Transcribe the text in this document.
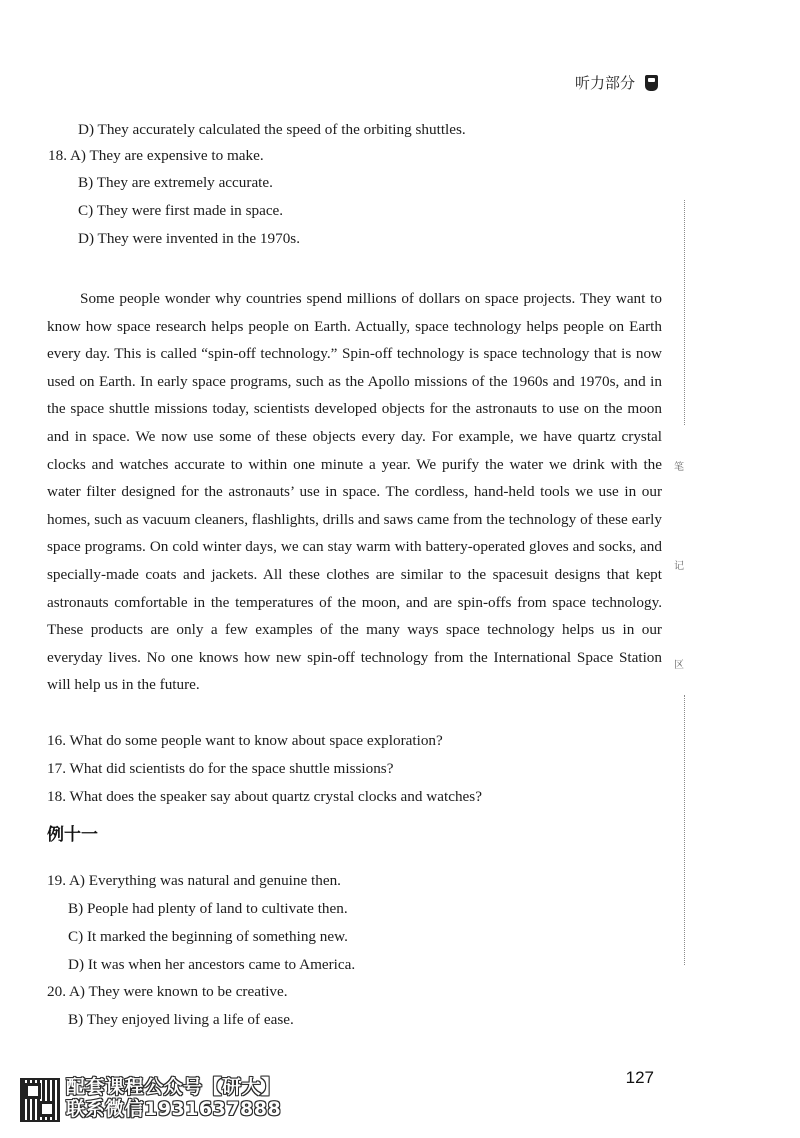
听力部分
D) They accurately calculated the speed of the orbiting shuttles.
18. A) They are expensive to make.
B) They are extremely accurate.
C) They were first made in space.
D) They were invented in the 1970s.
Some people wonder why countries spend millions of dollars on space projects. They want to know how space research helps people on Earth. Actually, space technology helps people on Earth every day. This is called “spin-off technology.” Spin-off technology is space technology that is now used on Earth. In early space programs, such as the Apollo missions of the 1960s and 1970s, and in the space shuttle missions today, scientists developed objects for the astronauts to use on the moon and in space. We now use some of these objects every day. For example, we have quartz crystal clocks and watches accurate to within one minute a year. We purify the water we drink with the water filter designed for the astronauts’ use in space. The cordless, hand-held tools we use in our homes, such as vacuum cleaners, flashlights, drills and saws came from the technology of these early space programs. On cold winter days, we can stay warm with battery-operated gloves and socks, and specially-made coats and jackets. All these clothes are similar to the spacesuit designs that kept astronauts comfortable in the temperatures of the moon, and are spin-offs from space technology. These products are only a few examples of the many ways space technology helps us in our everyday lives. No one knows how new spin-off technology from the International Space Station will help us in the future.
16. What do some people want to know about space exploration?
17. What did scientists do for the space shuttle missions?
18. What does the speaker say about quartz crystal clocks and watches?
例十一
19. A) Everything was natural and genuine then.
B) People had plenty of land to cultivate then.
C) It marked the beginning of something new.
D) It was when her ancestors came to America.
20. A) They were known to be creative.
B) They enjoyed living a life of ease.
笔
记
区
127
配套课程公众号【研大】
联系微信1931637888
